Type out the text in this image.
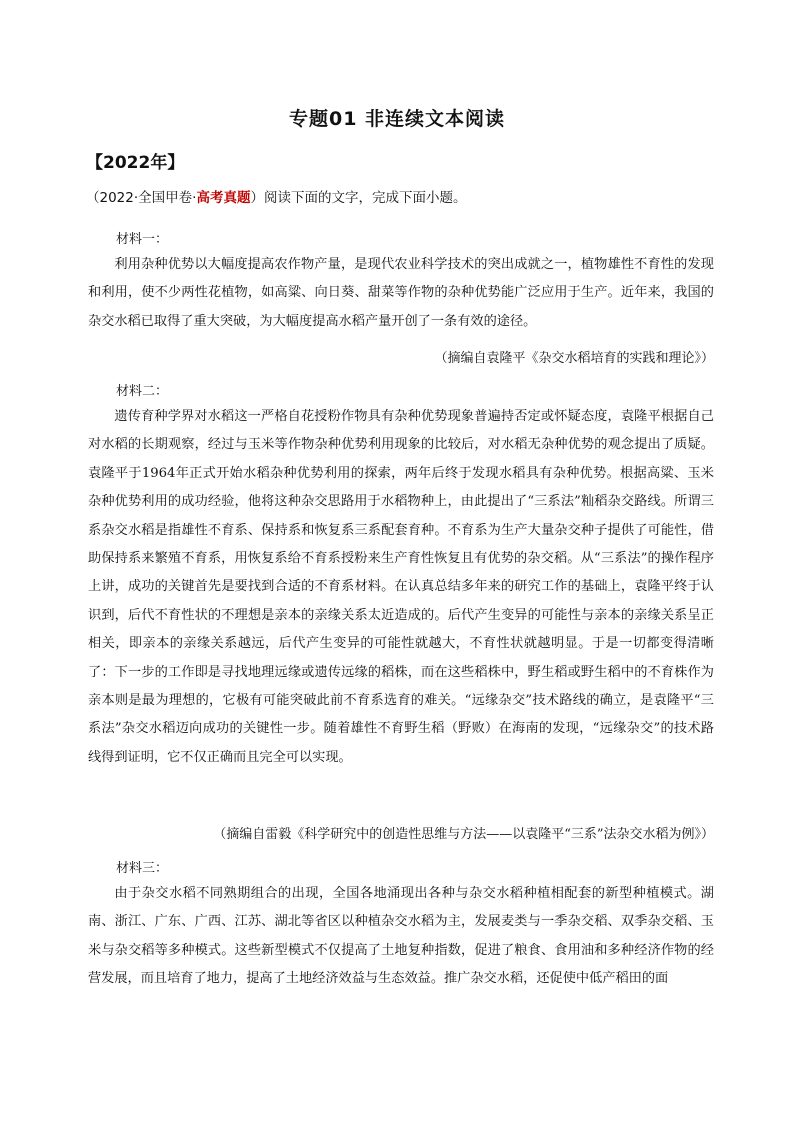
专题01 非连续文本阅读
【2022年】
（2022·全国甲卷·高考真题）阅读下面的文字，完成下面小题。
材料一：

利用杂种优势以大幅度提高农作物产量，是现代农业科学技术的突出成就之一，植物雄性不育性的发现和利用，使不少两性花植物，如高粱、向日葵、甜菜等作物的杂种优势能广泛应用于生产。近年来，我国的杂交水稻已取得了重大突破，为大幅度提高水稻产量开创了一条有效的途径。

（摘编自袁隆平《杂交水稻培育的实践和理论》）
材料二：

遗传育种学界对水稻这一严格自花授粉作物具有杂种优势现象普遍持否定或怀疑态度，袁隆平根据自己对水稻的长期观察，经过与玉米等作物杂种优势利用现象的比较后，对水稻无杂种优势的观念提出了质疑。袁隆平于1964年正式开始水稻杂种优势利用的探索，两年后终于发现水稻具有杂种优势。根据高粱、玉米杂种优势利用的成功经验，他将这种杂交思路用于水稻物种上，由此提出了“三系法”籼稻杂交路线。所谓三系杂交水稻是指雄性不育系、保持系和恢复系三系配套育种。不育系为生产大量杂交种子提供了可能性，借助保持系来繁殖不育系，用恢复系给不育系授粉来生产育性恢复且有优势的杂交稻。从“三系法”的操作程序上讲，成功的关键首先是要找到合适的不育系材料。在认真总结多年来的研究工作的基础上，袁隆平终于认识到，后代不育性状的不理想是亲本的亲缘关系太近造成的。后代产生变异的可能性与亲本的亲缘关系呈正相关，即亲本的亲缘关系越远，后代产生变异的可能性就越大，不育性状就越明显。于是一切都变得清晰了：下一步的工作即是寻找地理远缘或遗传远缘的稻株，而在这些稻株中，野生稻或野生稻中的不育株作为亲本则是最为理想的，它极有可能突破此前不育系选育的难关。“远缘杂交”技术路线的确立，是袁隆平“三系法”杂交水稻迈向成功的关键性一步。随着雄性不育野生稻（野败）在海南的发现，“远缘杂交”的技术路线得到证明，它不仅正确而且完全可以实现。

（摘编自雷毅《科学研究中的创造性思维与方法——以袁隆平“三系”法杂交水稻为例》）
材料三：

由于杂交水稻不同熟期组合的出现，全国各地涌现出各种与杂交水稻种植相配套的新型种植模式。湖南、浙江、广东、广西、江苏、湖北等省区以种植杂交水稻为主，发展麦类与一季杂交稻、双季杂交稻、玉米与杂交稻等多种模式。这些新型模式不仅提高了土地复种指数，促进了粮食、食用油和多种经济作物的经营发展，而且培育了地力，提高了土地经济效益与生态效益。推广杂交水稻，还促使中低产稻田的面
